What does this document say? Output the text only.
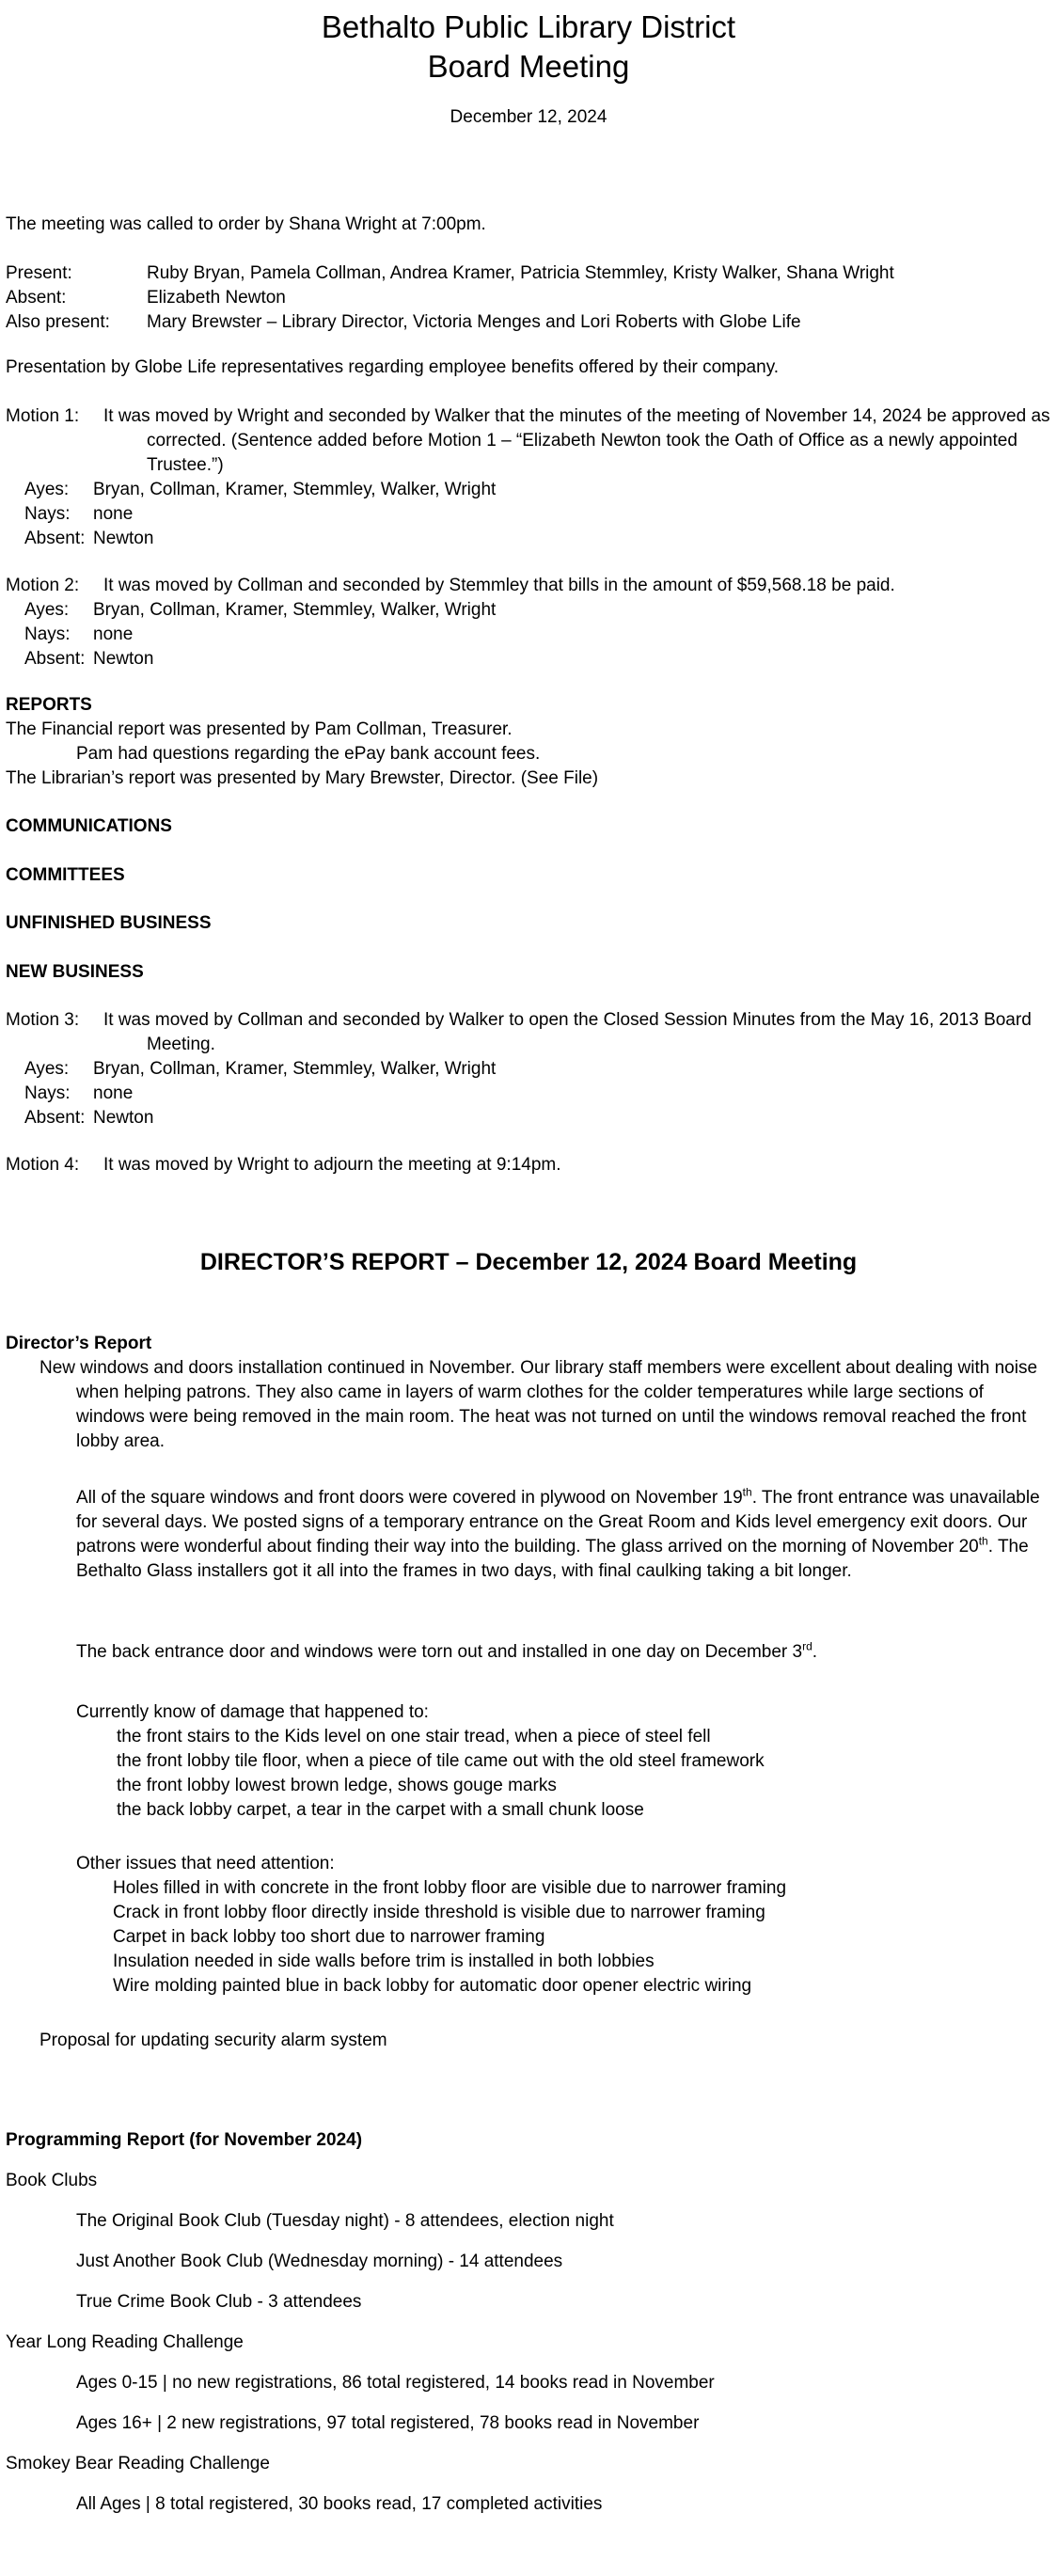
Bethalto Public Library District
Board Meeting
December 12, 2024

The meeting was called to order by Shana Wright at 7:00pm.

Present:	Ruby Bryan, Pamela Collman, Andrea Kramer, Patricia Stemmley, Kristy Walker, Shana Wright

Absent:	Elizabeth Newton

Also present: Mary Brewster – Library Director, Victoria Menges and Lori Roberts with Globe Life

Presentation by Globe Life representatives regarding employee benefits offered by their company.

Motion 1: It was moved by Wright and seconded by Walker that the minutes of the meeting of November 14, 2024 be approved as corrected. (Sentence added before Motion 1 – “Elizabeth Newton took the Oath of Office as a newly appointed Trustee.”)

Ayes: Bryan, Collman, Kramer, Stemmley, Walker, Wright

Nays: none

Absent: Newton

Motion 2: It was moved by Collman and seconded by Stemmley that bills in the amount of $59,568.18 be paid.

Ayes: Bryan, Collman, Kramer, Stemmley, Walker, Wright

Nays: none

Absent: Newton

REPORTS

The Financial report was presented by Pam Collman, Treasurer.

Pam had questions regarding the ePay bank account fees.

The Librarian’s report was presented by Mary Brewster, Director. (See File)

COMMUNICATIONS

COMMITTEES

UNFINISHED BUSINESS

NEW BUSINESS

Motion 3: It was moved by Collman and seconded by Walker to open the Closed Session Minutes from the May 16, 2013 Board Meeting.

Ayes: Bryan, Collman, Kramer, Stemmley, Walker, Wright

Nays: none

Absent: Newton

Motion 4: It was moved by Wright to adjourn the meeting at 9:14pm.

DIRECTOR’S REPORT – December 12, 2024 Board Meeting

Director’s Report

New windows and doors installation continued in November. Our library staff members were excellent about dealing with noise when helping patrons. They also came in layers of warm clothes for the colder temperatures while large sections of windows were being removed in the main room. The heat was not turned on until the windows removal reached the front lobby area.

All of the square windows and front doors were covered in plywood on November 19th. The front entrance was unavailable for several days. We posted signs of a temporary entrance on the Great Room and Kids level emergency exit doors. Our patrons were wonderful about finding their way into the building. The glass arrived on the morning of November 20th. The Bethalto Glass installers got it all into the frames in two days, with final caulking taking a bit longer.

The back entrance door and windows were torn out and installed in one day on December 3rd.

Currently know of damage that happened to:

the front stairs to the Kids level on one stair tread, when a piece of steel fell

the front lobby tile floor, when a piece of tile came out with the old steel framework

the front lobby lowest brown ledge, shows gouge marks

the back lobby carpet, a tear in the carpet with a small chunk loose

Other issues that need attention:

Holes filled in with concrete in the front lobby floor are visible due to narrower framing

Crack in front lobby floor directly inside threshold is visible due to narrower framing

Carpet in back lobby too short due to narrower framing

Insulation needed in side walls before trim is installed in both lobbies

Wire molding painted blue in back lobby for automatic door opener electric wiring

Proposal for updating security alarm system

Programming Report (for November 2024)

Book Clubs

The Original Book Club (Tuesday night) - 8 attendees, election night

Just Another Book Club (Wednesday morning) - 14 attendees

True Crime Book Club - 3 attendees

Year Long Reading Challenge

Ages 0-15 | no new registrations, 86 total registered, 14 books read in November

Ages 16+ | 2 new registrations, 97 total registered, 78 books read in November

Smokey Bear Reading Challenge

All Ages | 8 total registered, 30 books read, 17 completed activities
